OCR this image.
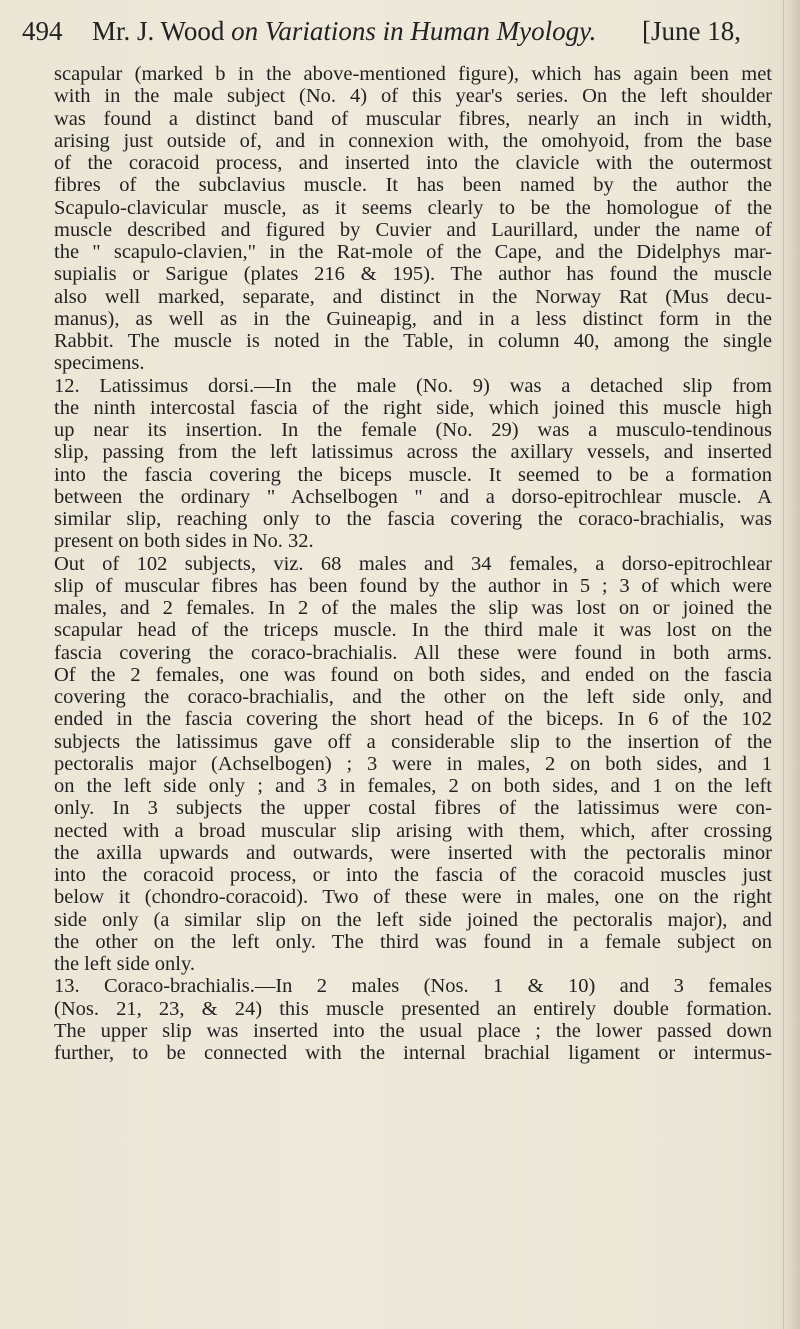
494 Mr. J. Wood on Variations in Human Myology. [June 18,

scapular (marked b in the above-mentioned figure), which has again been met

with in the male subject (No. 4) of this year's series. On the left shoulder

was found a distinct band of muscular fibres, nearly an inch in width,

arising just outside of, and in connexion with, the omohyoid, from the base

of the coracoid process, and inserted into the clavicle with the outermost

fibres of the subclavius muscle. It has been named by the author the

Scapulo-clavicular muscle, as it seems clearly to be the homologue of the

muscle described and figured by Cuvier and Laurillard, under the name of

the " scapulo-clavien," in the Rat-mole of the Cape, and the Didelphys mar-

supialis or Sarigue (plates 216 & 195). The author has found the muscle

also well marked, separate, and distinct in the Norway Rat (Mus decu-

manus), as well as in the Guineapig, and in a less distinct form in the

Rabbit. The muscle is noted in the Table, in column 40, among the single

specimens.

12. Latissimus dorsi.—In the male (No. 9) was a detached slip from

the ninth intercostal fascia of the right side, which joined this muscle high

up near its insertion. In the female (No. 29) was a musculo-tendinous

slip, passing from the left latissimus across the axillary vessels, and inserted

into the fascia covering the biceps muscle. It seemed to be a formation

between the ordinary " Achselbogen " and a dorso-epitrochlear muscle. A

similar slip, reaching only to the fascia covering the coraco-brachialis, was

present on both sides in No. 32.

Out of 102 subjects, viz. 68 males and 34 females, a dorso-epitrochlear

slip of muscular fibres has been found by the author in 5 ; 3 of which were

males, and 2 females. In 2 of the males the slip was lost on or joined the

scapular head of the triceps muscle. In the third male it was lost on the

fascia covering the coraco-brachialis. All these were found in both arms.

Of the 2 females, one was found on both sides, and ended on the fascia

covering the coraco-brachialis, and the other on the left side only, and

ended in the fascia covering the short head of the biceps. In 6 of the 102

subjects the latissimus gave off a considerable slip to the insertion of the

pectoralis major (Achselbogen) ; 3 were in males, 2 on both sides, and 1

on the left side only ; and 3 in females, 2 on both sides, and 1 on the left

only. In 3 subjects the upper costal fibres of the latissimus were con-

nected with a broad muscular slip arising with them, which, after crossing

the axilla upwards and outwards, were inserted with the pectoralis minor

into the coracoid process, or into the fascia of the coracoid muscles just

below it (chondro-coracoid). Two of these were in males, one on the right

side only (a similar slip on the left side joined the pectoralis major), and

the other on the left only. The third was found in a female subject on

the left side only.

13. Coraco-brachialis.—In 2 males (Nos. 1 & 10) and 3 females

(Nos. 21, 23, & 24) this muscle presented an entirely double formation.

The upper slip was inserted into the usual place ; the lower passed down

further, to be connected with the internal brachial ligament or intermus-
